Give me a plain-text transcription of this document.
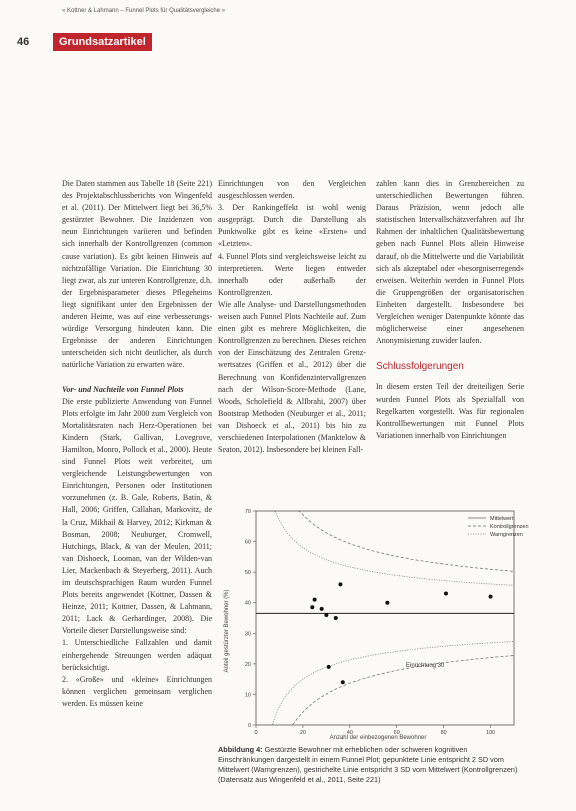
« Kottner & Lahmann – Funnel Plots für Qualitätsvergleiche »
46	Grundsatzartikel

Die Daten stammen aus Tabelle 18 (Seite 221) des Projektabschlussberichts von Wingenfeld et al. (2011). Der Mittelwert liegt bei 36,5% gestürzter Bewohner. Die Inzidenzen von neun Einrichtungen variieren und befinden sich innerhalb der Kontrollgrenzen (common cause variation). Es gibt keinen Hinweis auf nichtzufällige Variation. Die Einrichtung 30 liegt zwar, als zur unteren Kontrollgrenze, d.h. der Ergebnisparameter dieses Pflegeheims liegt signifikant unter den Ergebnissen der anderen Heime, was auf eine verbesserungswürdige Versorgung hindeuten kann. Die Ergebnisse der anderen Einrichtungen unterscheiden sich nicht deutlicher, als durch natürliche Variation zu erwarten wäre.

Vor- und Nachteile von Funnel Plots

Die erste publizierte Anwendung von Funnel Plots erfolgte im Jahr 2000 zum Vergleich von Mortalitätsraten nach Herz-Operationen bei Kindern (Stark, Gallivan, Lovegrove, Hamilton, Monro, Pollock et al., 2000). Heute sind Funnel Plots weit verbreitet, um vergleichende Leistungsbewertungen von Einrichtungen, Personen oder Institutionen vorzunehmen (z. B. Gale, Roberts, Batin, & Hall, 2006; Griffen, Callahan, Markovitz, de la Cruz, Mikhail & Harvey, 2012; Kirkman & Bosman, 2008; Neuburger, Cromwell, Hutchings, Black, & van der Meulen, 2011; van Dishoeck, Looman, van der Wilden-van Lier, Mackenbach & Steyerberg, 2011). Auch im deutschsprachigen Raum wurden Funnel Plots bereits angewendet (Kottner, Dassen & Heinze, 2011; Kottner, Dassen, & Lahmann, 2011; Lack & Gerhardinger, 2008). Die Vorteile dieser Darstellungsweise sind:

1. Unterschiedliche Fallzahlen und damit einhergehende Streuungen werden adäquat berücksichtigt.

2. «Große» und «kleine» Einrichtungen können verglichen gemeinsam verglichen werden. Es müssen keine

Einrichtungen von den Vergleichen ausgeschlossen werden.

3. Der Rankingeffekt ist wohl wenig ausgeprägt. Durch die Darstellung als Punktwolke gibt es keine «Ersten» und «Letzten».

4. Funnel Plots sind vergleichsweise leicht zu interpretieren. Werte liegen entweder innerhalb oder außerhalb der Kontrollgrenzen.

Wie alle Analyse- und Darstellungsmethoden weisen auch Funnel Plots Nachteile auf. Zum einen gibt es mehrere Möglichkeiten, die Kontrollgrenzen zu berechnen. Dieses reichen von der Einschätzung des Zentralen Grenzwertsatzes (Griffen et al., 2012) über die Berechnung von Konfidenzintervallgrenzen nach der Wilson-Score-Methode (Lane, Woods, Scholefield & AlIbrahi, 2007) über Bootstrap Methoden (Neuburger et al., 2011; van Dishoeck et al., 2011) bis hin zu verschiedenen Interpolationen (Manktelow & Seaton, 2012). Insbesondere bei kleinen Fall-

zahlen kann dies in Grenzbereichen zu unterschiedlichen Bewertungen führen. Daraus Präzision, wenn jedoch alle statistischen Intervallschätzverfahren auf Ihr Rahmen der inhaltlichen Qualitätsbewertung geben nach Funnel Plots allein Hinweise darauf, ob die Mittelwerte und die Variabilität sich als akzeptabel oder «besorgniserregend» erweisen. Weiterhin werden in Funnel Plots die Gruppengrößen der organisatorischen Einheiten dargestellt. Insbesondere bei Vergleichen weniger Datenpunkte könnte das möglicherweise einer angesehenen Anonymisierung zuwider laufen.

Schlussfolgerungen

In diesem ersten Teil der dreiteiligen Serie wurden Funnel Plots als Spezialfall von Regelkarten vorgestellt. Was für regionalen Kontrollbewertungen mit Funnel Plots Variationen innerhalb von Einrichtungen

0
10
20
30
40
50
60
70
0	20	40	60	80	100
Anteil gestürzter Bewohner (%)
Anzahl der einbezogenen Bewohner
Einrichtung 30
Mittelwert
Kontrollgrenzen
Warngrenzen
Abbildung 4: Gestürzte Bewohner mit erheblichen oder schweren kognitiven Einschränkungen dargestellt in einem Funnel Plot; gepunktete Linie entspricht 2 SD vom Mittelwert (Warngrenzen), gestrichelte Linie entspricht 3 SD vom Mittelwert (Kontrollgrenzen) (Datensatz aus Wingenfeld et al., 2011, Seite 221)
